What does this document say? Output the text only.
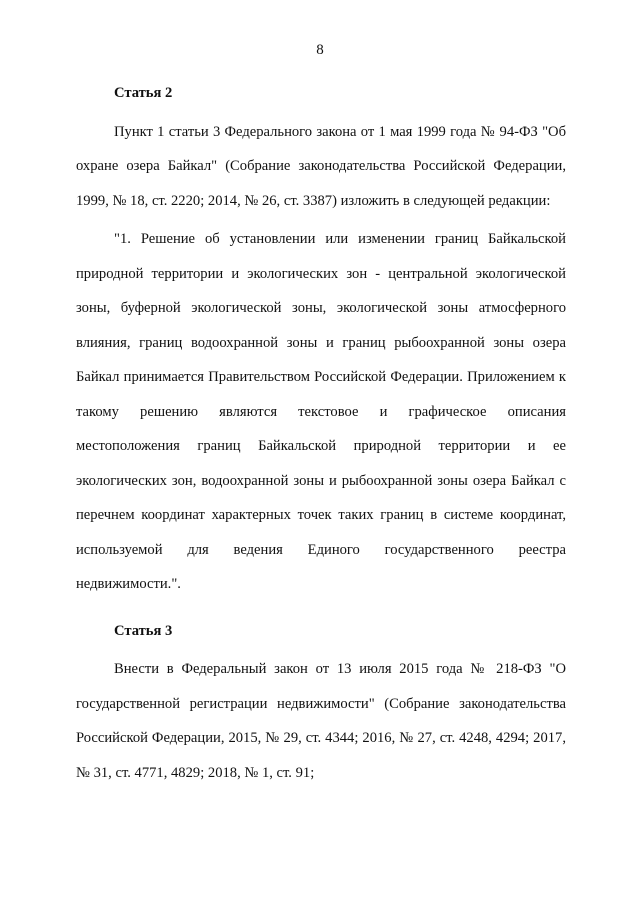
8

Статья 2

Пункт 1 статьи 3 Федерального закона от 1 мая 1999 года № 94-ФЗ "Об охране озера Байкал" (Собрание законодательства Российской Федерации, 1999, № 18, ст. 2220; 2014, № 26, ст. 3387) изложить в следующей редакции:

"1. Решение об установлении или изменении границ Байкальской природной территории и экологических зон - центральной экологической зоны, буферной экологической зоны, экологической зоны атмосферного влияния, границ водоохранной зоны и границ рыбоохранной зоны озера Байкал принимается Правительством Российской Федерации. Приложением к такому решению являются текстовое и графическое описания местоположения границ Байкальской природной территории и ее экологических зон, водоохранной зоны и рыбоохранной зоны озера Байкал с перечнем координат характерных точек таких границ в системе координат, используемой для ведения Единого государственного реестра недвижимости.".

Статья 3

Внести в Федеральный закон от 13 июля 2015 года № 218-ФЗ "О государственной регистрации недвижимости" (Собрание законодательства Российской Федерации, 2015, № 29, ст. 4344; 2016, № 27, ст. 4248, 4294; 2017, № 31, ст. 4771, 4829; 2018, № 1, ст. 91;
